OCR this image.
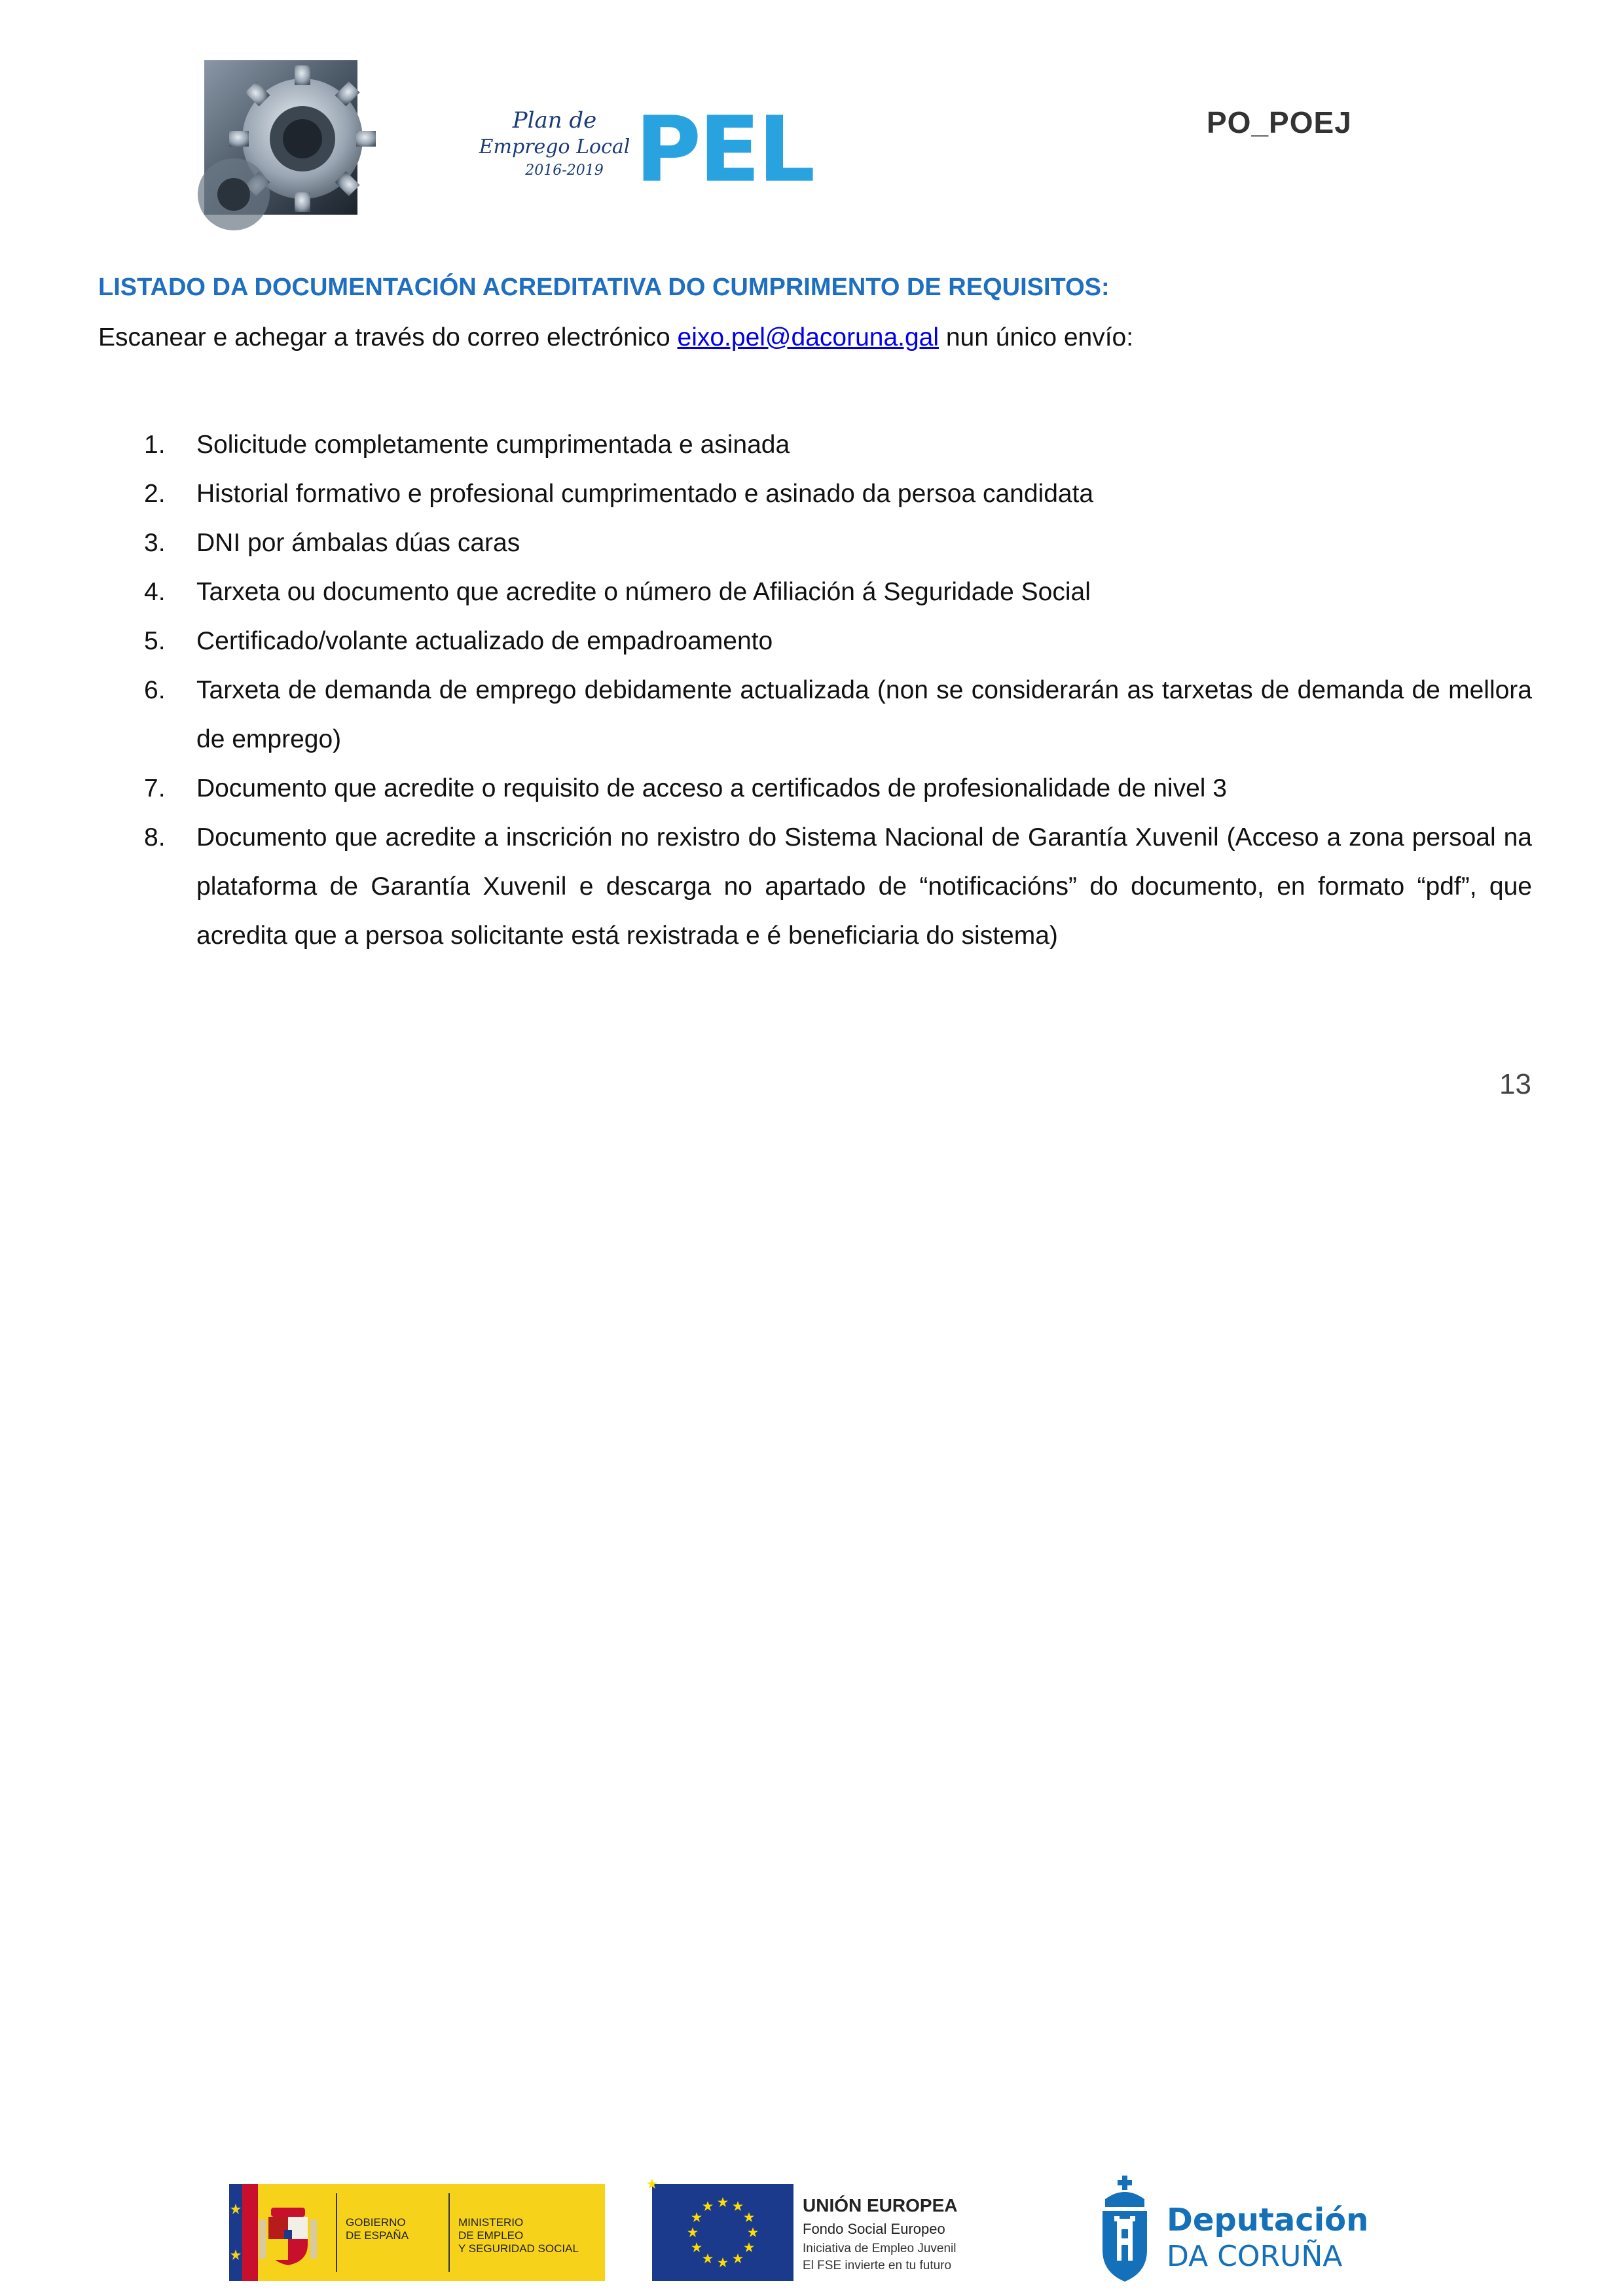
Plan de
Emprego Local
2016-2019 PEL	PO_POEJ
LISTADO DA DOCUMENTACIÓN ACREDITATIVA DO CUMPRIMENTO DE REQUISITOS:
Escanear e achegar a través do correo electrónico eixo.pel@dacoruna.gal nun único envío:
1. Solicitude completamente cumprimentada e asinada
2. Historial formativo e profesional cumprimentado e asinado da persoa candidata
3. DNI por ámbalas dúas caras
4. Tarxeta ou documento que acredite o número de Afiliación á Seguridade Social
5. Certificado/volante actualizado de empadroamento
6. Tarxeta de demanda de emprego debidamente actualizada (non se considerarán as tarxetas de demanda de mellora de emprego)
7. Documento que acredite o requisito de acceso a certificados de profesionalidade de nivel 3
8. Documento que acredite a inscrición no rexistro do Sistema Nacional de Garantía Xuvenil (Acceso a zona persoal na plataforma de Garantía Xuvenil e descarga no apartado de “notificacións” do documento, en formato “pdf”, que acredita que a persoa solicitante está rexistrada e é beneficiaria do sistema)
13
GOBIERNO
DE ESPAÑA
MINISTERIO
DE EMPLEO
Y SEGURIDAD SOCIAL
UNIÓN EUROPEA
Fondo Social Europeo
Iniciativa de Empleo Juvenil
El FSE invierte en tu futuro
Deputación
DA CORUÑA
